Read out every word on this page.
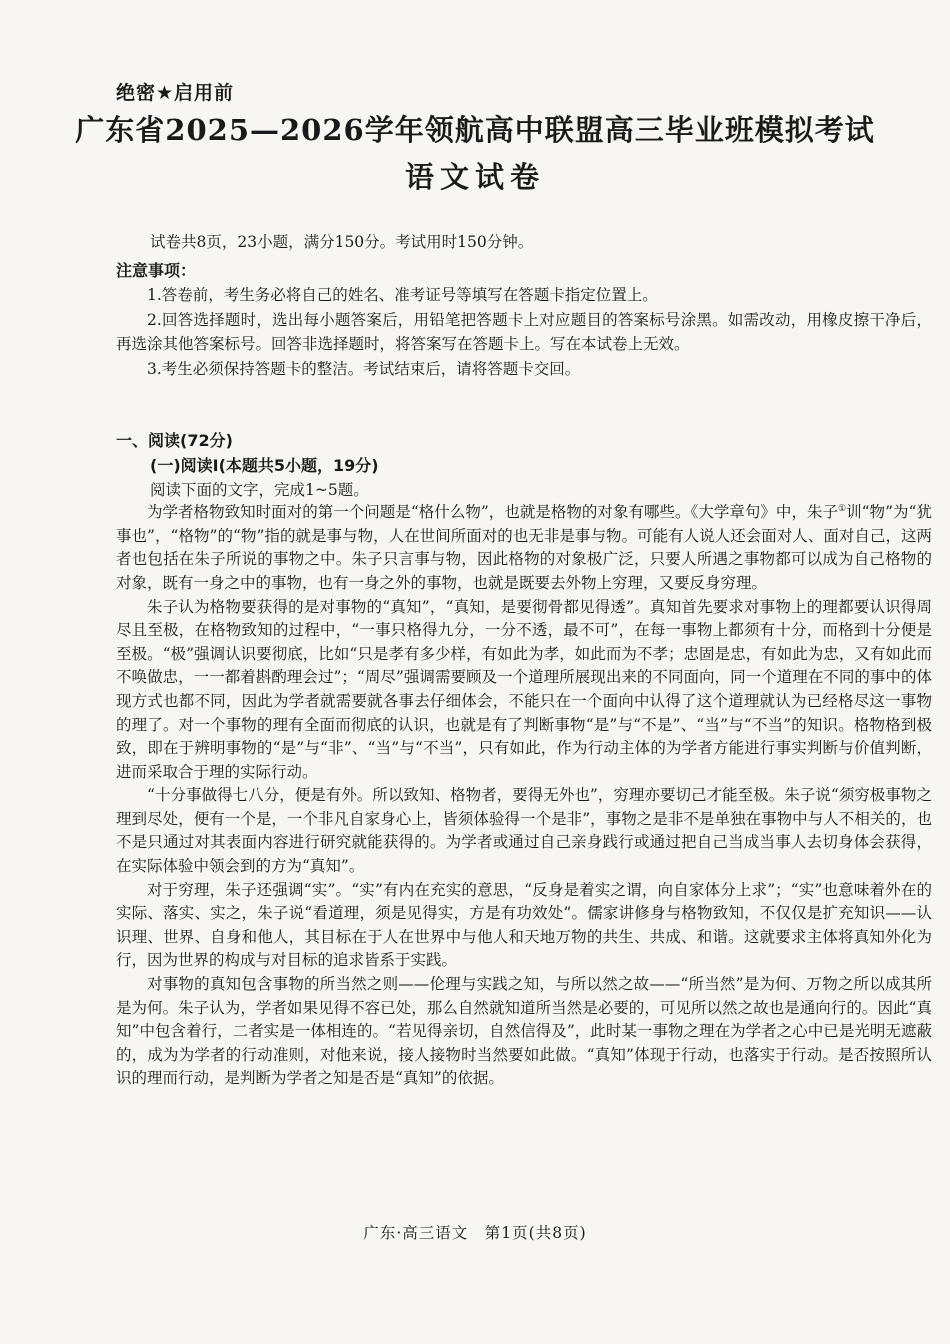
绝密★启用前
广东省2025—2026学年领航高中联盟高三毕业班模拟考试
语文试卷
试卷共8页，23小题，满分150分。考试用时150分钟。
注意事项：

1.答卷前，考生务必将自己的姓名、准考证号等填写在答题卡指定位置上。

2.回答选择题时，选出每小题答案后，用铅笔把答题卡上对应题目的答案标号涂黑。如需改动，用橡皮擦干净后，再选涂其他答案标号。回答非选择题时，将答案写在答题卡上。写在本试卷上无效。

3.考生必须保持答题卡的整洁。考试结束后，请将答题卡交回。

一、阅读(72分)
(一)阅读Ⅰ(本题共5小题，19分)
阅读下面的文字，完成1~5题。

为学者格物致知时面对的第一个问题是“格什么物”，也就是格物的对象有哪些。《大学章句》中，朱子①训“物”为“犹事也”，“格物”的“物”指的就是事与物，人在世间所面对的也无非是事与物。可能有人说人还会面对人、面对自己，这两者也包括在朱子所说的事物之中。朱子只言事与物，因此格物的对象极广泛，只要人所遇之事物都可以成为自己格物的对象，既有一身之中的事物，也有一身之外的事物，也就是既要去外物上穷理，又要反身穷理。

朱子认为格物要获得的是对事物的“真知”，“真知，是要彻骨都见得透”。真知首先要求对事物上的理都要认识得周尽且至极，在格物致知的过程中，“一事只格得九分，一分不透，最不可”，在每一事物上都须有十分，而格到十分便是至极。“极”强调认识要彻底，比如“只是孝有多少样，有如此为孝，如此而为不孝；忠固是忠，有如此为忠，又有如此而不唤做忠，一一都着斟酌理会过”；“周尽”强调需要顾及一个道理所展现出来的不同面向，同一个道理在不同的事中的体现方式也都不同，因此为学者就需要就各事去仔细体会，不能只在一个面向中认得了这个道理就认为已经格尽这一事物的理了。对一个事物的理有全面而彻底的认识，也就是有了判断事物“是”与“不是”、“当”与“不当”的知识。格物格到极致，即在于辨明事物的“是”与“非”、“当”与“不当”，只有如此，作为行动主体的为学者方能进行事实判断与价值判断，进而采取合于理的实际行动。

“十分事做得七八分，便是有外。所以致知、格物者，要得无外也”，穷理亦要切己才能至极。朱子说“须穷极事物之理到尽处，便有一个是，一个非凡自家身心上，皆须体验得一个是非”，事物之是非不是单独在事物中与人不相关的，也不是只通过对其表面内容进行研究就能获得的。为学者或通过自己亲身践行或通过把自己当成当事人去切身体会获得，在实际体验中领会到的方为“真知”。

对于穷理，朱子还强调“实”。“实”有内在充实的意思，“反身是着实之谓，向自家体分上求”；“实”也意味着外在的实际、落实、实之，朱子说“看道理，须是见得实，方是有功效处”。儒家讲修身与格物致知，不仅仅是扩充知识——认识理、世界、自身和他人，其目标在于人在世界中与他人和天地万物的共生、共成、和谐。这就要求主体将真知外化为行，因为世界的构成与对目标的追求皆系于实践。

对事物的真知包含事物的所当然之则——伦理与实践之知，与所以然之故——“所当然”是为何、万物之所以成其所是为何。朱子认为，学者如果见得不容已处，那么自然就知道所当然是必要的，可见所以然之故也是通向行的。因此“真知”中包含着行，二者实是一体相连的。“若见得亲切，自然信得及”，此时某一事物之理在为学者之心中已是光明无遮蔽的，成为为学者的行动准则，对他来说，接人接物时当然要如此做。“真知”体现于行动，也落实于行动。是否按照所认识的理而行动，是判断为学者之知是否是“真知”的依据。

广东·高三语文　第1页(共8页)
